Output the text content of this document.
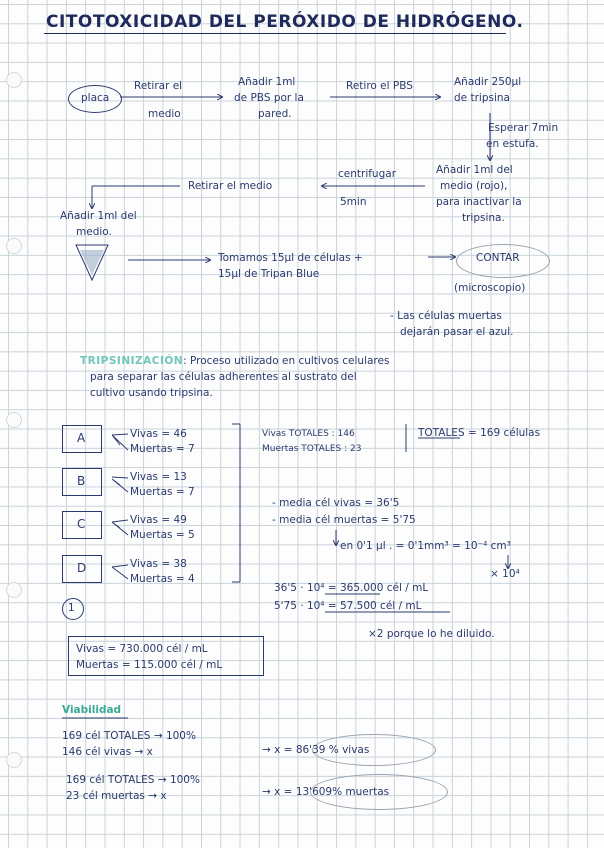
CITOTOXICIDAD DEL PERÓXIDO DE HIDRÓGENO.
placa
Retirar el
medio
Añadir 1ml
de PBS por la
pared.
Retiro el PBS	Añadir 250µl
de tripsina
Esperar 7min
en estufa.
Añadir 1ml del
medio (rojo),
para inactivar la
tripsina.
centrifugar
5min
Retirar el medio
Añadir 1ml del
medio.
Tomamos 15µl de células +
15µl de Tripan Blue
CONTAR
(microscopio)
- Las células muertas
dejarán pasar el azul.
TRIPSINIZACIÓN: Proceso utilizado en cultivos celulares
para separar las células adherentes al sustrato del
cultivo usando tripsina.
A	Vivas = 46
Muertas = 7
B	Vivas = 13
Muertas = 7
C	Vivas = 49
Muertas = 5
D	Vivas = 38
Muertas = 4
Vivas TOTALES : 146
Muertas TOTALES : 23
TOTALES = 169 células
- media cél vivas = 36'5
- media cél muertas = 5'75
en 0'1 µl . = 0'1mm³ = 10⁻⁴ cm³
× 10⁴
36'5 · 10⁴ = 365.000 cél / mL
5'75 · 10⁴ = 57.500 cél / mL
×2 porque lo he diluido.
1
Vivas = 730.000 cél / mL
Muertas = 115.000 cél / mL
Viabilidad
169 cél TOTALES → 100%
146 cél vivas → x	→ x = 86'39 % vivas
169 cél TOTALES → 100%
23 cél muertas → x	→ x = 13'609% muertas
